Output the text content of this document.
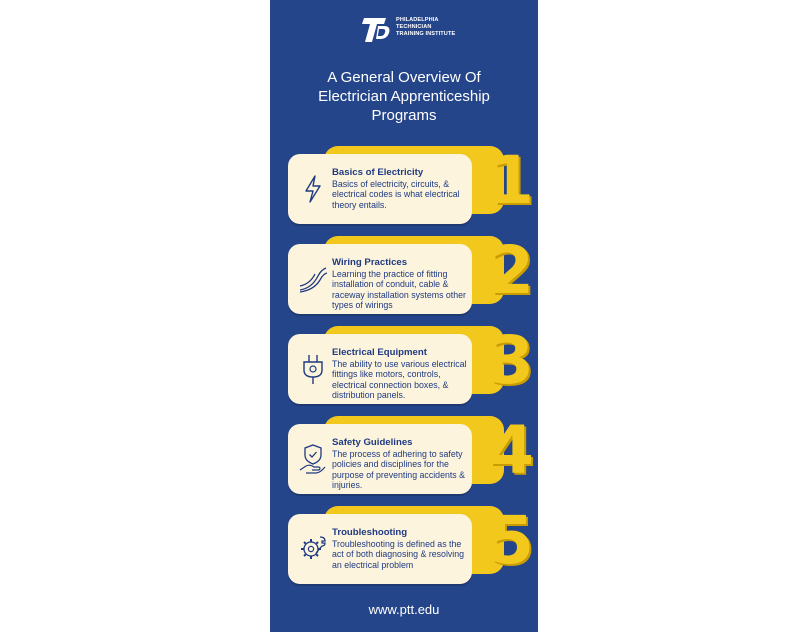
PHILADELPHIA
TECHNICIAN
TRAINING INSTITUTE
A General Overview Of
Electrician Apprenticeship
Programs
1
Basics of Electricity
Basics of electricity, circuits, & electrical codes is what electrical theory entails.
2
Wiring Practices
Learning the practice of fitting installation of conduit, cable & raceway installation systems other types of wirings
3
Electrical Equipment
The ability to use various electrical fittings like motors, controls, electrical connection boxes, & distribution panels.
4
Safety Guidelines
The process of adhering to safety policies and disciplines for the purpose of preventing accidents & injuries.
5
Troubleshooting
Troubleshooting is defined as the act of both diagnosing & resolving an electrical problem
www.ptt.edu
